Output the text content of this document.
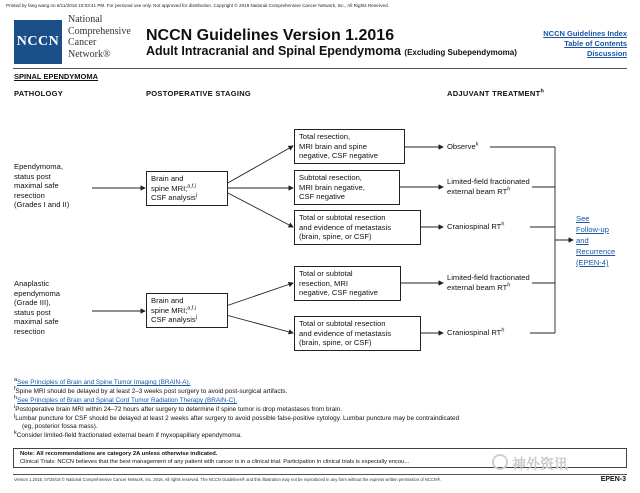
Printed by fang wang on 6/11/2016 10:03:41 PM. For personal use only. Not approved for distribution. Copyright © 2016 National Comprehensive Cancer Network, Inc., All Rights Reserved.
NCCN
National
Comprehensive
Cancer
Network®
NCCN Guidelines Version 1.2016
Adult Intracranial and Spinal Ependymoma (Excluding Subependymoma)
NCCN Guidelines Index
Table of Contents
Discussion
SPINAL EPENDYMOMA
PATHOLOGY	POSTOPERATIVE STAGING	ADJUVANT TREATMENT$^h$
Ependymoma,
status post
maximal safe
resection
(Grades I and II)
Anaplastic
ependymoma
(Grade III),
status post
maximal safe
resection
Brain and
spine MRI;$^{a,f,i}$
CSF analysis$^j$
Brain and
spine MRI;$^{a,f,i}$
CSF analysis$^j$
Total resection,
MRI brain and spine
negative, CSF negative
Subtotal resection,
MRI brain negative,
CSF negative
Total or subtotal resection
and evidence of metastasis
(brain, spine, or CSF)
Total or subtotal
resection, MRI
negative, CSF negative
Total or subtotal resection
and evidence of metastasis
(brain, spine, or CSF)
Observe$^k$
Limited-field fractionated
external beam $RT^h$
Craniospinal $RT^h$
Limited-field fractionated
external beam $RT^h$
Craniospinal $RT^h$
See
Follow-up
and
Recurrence
(EPEN-4)
$^a$See Principles of Brain and Spine Tumor Imaging (BRAIN-A).
$^f$Spine MRI should be delayed by at least 2–3 weeks post surgery to avoid post-surgical artifacts.
$^h$See Principles of Brain and Spinal Cord Tumor Radiation Therapy (BRAIN-C).
$^i$Postoperative brain MRI within 24–72 hours after surgery to determine if spine tumor is drop metastases from brain.
$^j$Lumbar puncture for CSF should be delayed at least 2 weeks after surgery to avoid possible false-positive cytology. Lumbar puncture may be contraindicated
(eg, posterior fossa mass).
$^k$Consider limited-field fractionated external beam if myxopapillary ependymoma.
Note: All recommendations are category 2A unless otherwise indicated.
Clinical Trials: NCCN believes that the best management of any patient with cancer is in a clinical trial. Participation in clinical trials is especially encou...	神外资讯
Version 1.2016, 07/29/16 © National Comprehensive Cancer Network, Inc. 2016, All rights reserved. The NCCN Guidelines® and this illustration may not be reproduced in any form without the express written permission of NCCN®.	EPEN-3
